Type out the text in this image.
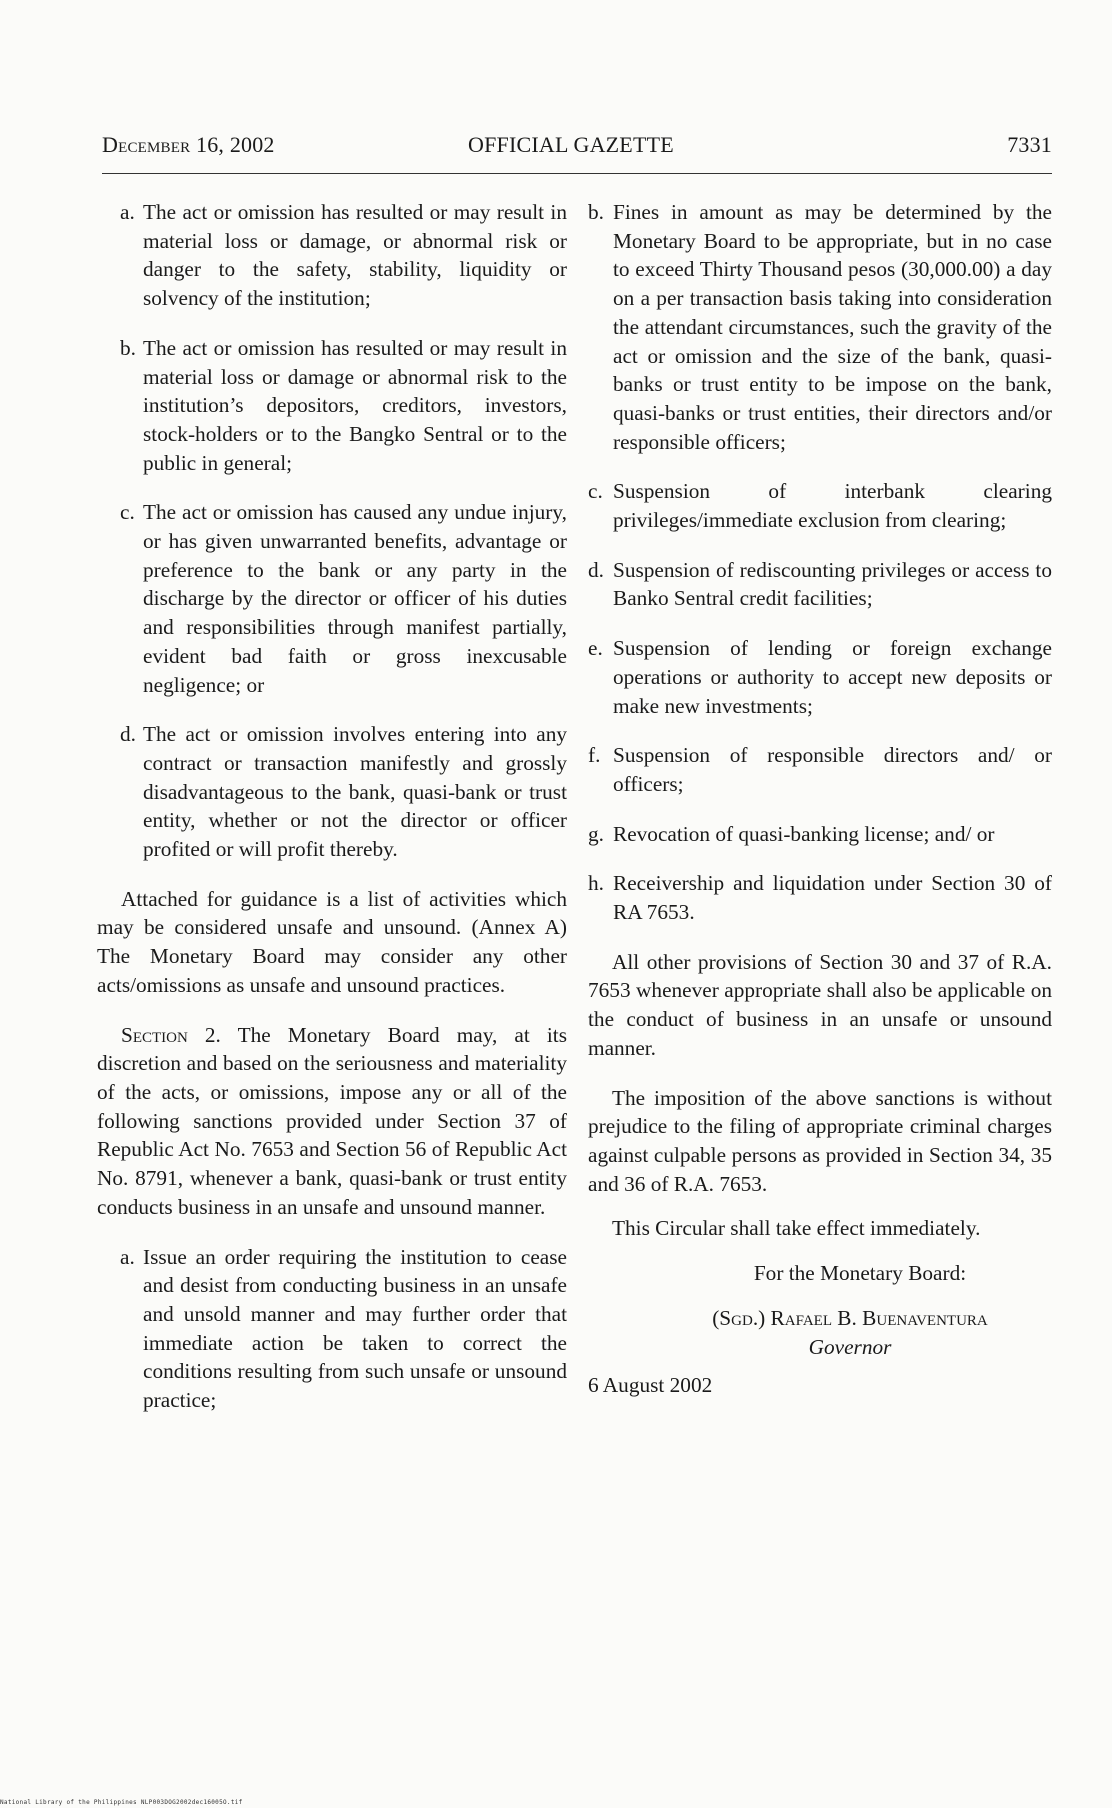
December 16, 2002	OFFICIAL GAZETTE	7331
a. The act or omission has resulted or may result in material loss or damage, or abnormal risk or danger to the safety, stability, liquidity or solvency of the institution;
b. The act or omission has resulted or may result in material loss or damage or abnormal risk to the institution’s depositors, creditors, investors, stock-holders or to the Bangko Sentral or to the public in general;
c. The act or omission has caused any undue injury, or has given unwarranted benefits, advantage or preference to the bank or any party in the discharge by the director or officer of his duties and responsibilities through manifest partially, evident bad faith or gross inexcusable negligence; or
d. The act or omission involves entering into any contract or transaction manifestly and grossly disadvantageous to the bank, quasi-bank or trust entity, whether or not the director or officer profited or will profit thereby.
Attached for guidance is a list of activities which may be considered unsafe and unsound. (Annex A) The Monetary Board may consider any other acts/omissions as unsafe and unsound practices.
Section 2. The Monetary Board may, at its discretion and based on the seriousness and materiality of the acts, or omissions, impose any or all of the following sanctions provided under Section 37 of Republic Act No. 7653 and Section 56 of Republic Act No. 8791, whenever a bank, quasi-bank or trust entity conducts business in an unsafe and unsound manner.
a. Issue an order requiring the institution to cease and desist from conducting business in an unsafe and unsold manner and may further order that immediate action be taken to correct the conditions resulting from such unsafe or unsound practice;
b. Fines in amount as may be determined by the Monetary Board to be appropriate, but in no case to exceed Thirty Thousand pesos (30,000.00) a day on a per transaction basis taking into consideration the attendant circumstances, such the gravity of the act or omission and the size of the bank, quasi-banks or trust entity to be impose on the bank, quasi-banks or trust entities, their directors and/or responsible officers;
c. Suspension of interbank clearing privileges/immediate exclusion from clearing;
d. Suspension of rediscounting privileges or access to Banko Sentral credit facilities;
e. Suspension of lending or foreign exchange operations or authority to accept new deposits or make new investments;
f. Suspension of responsible directors and/ or officers;
g. Revocation of quasi-banking license; and/ or
h. Receivership and liquidation under Section 30 of RA 7653.
All other provisions of Section 30 and 37 of R.A. 7653 whenever appropriate shall also be applicable on the conduct of business in an unsafe or unsound manner.
The imposition of the above sanctions is without prejudice to the filing of appropriate criminal charges against culpable persons as provided in Section 34, 35 and 36 of R.A. 7653.
This Circular shall take effect immediately.
For the Monetary Board:
(Sgd.) Rafael B. Buenaventura
Governor
6 August 2002
National Library of the Philippines NLP003DOG2002dec16005O.tif
